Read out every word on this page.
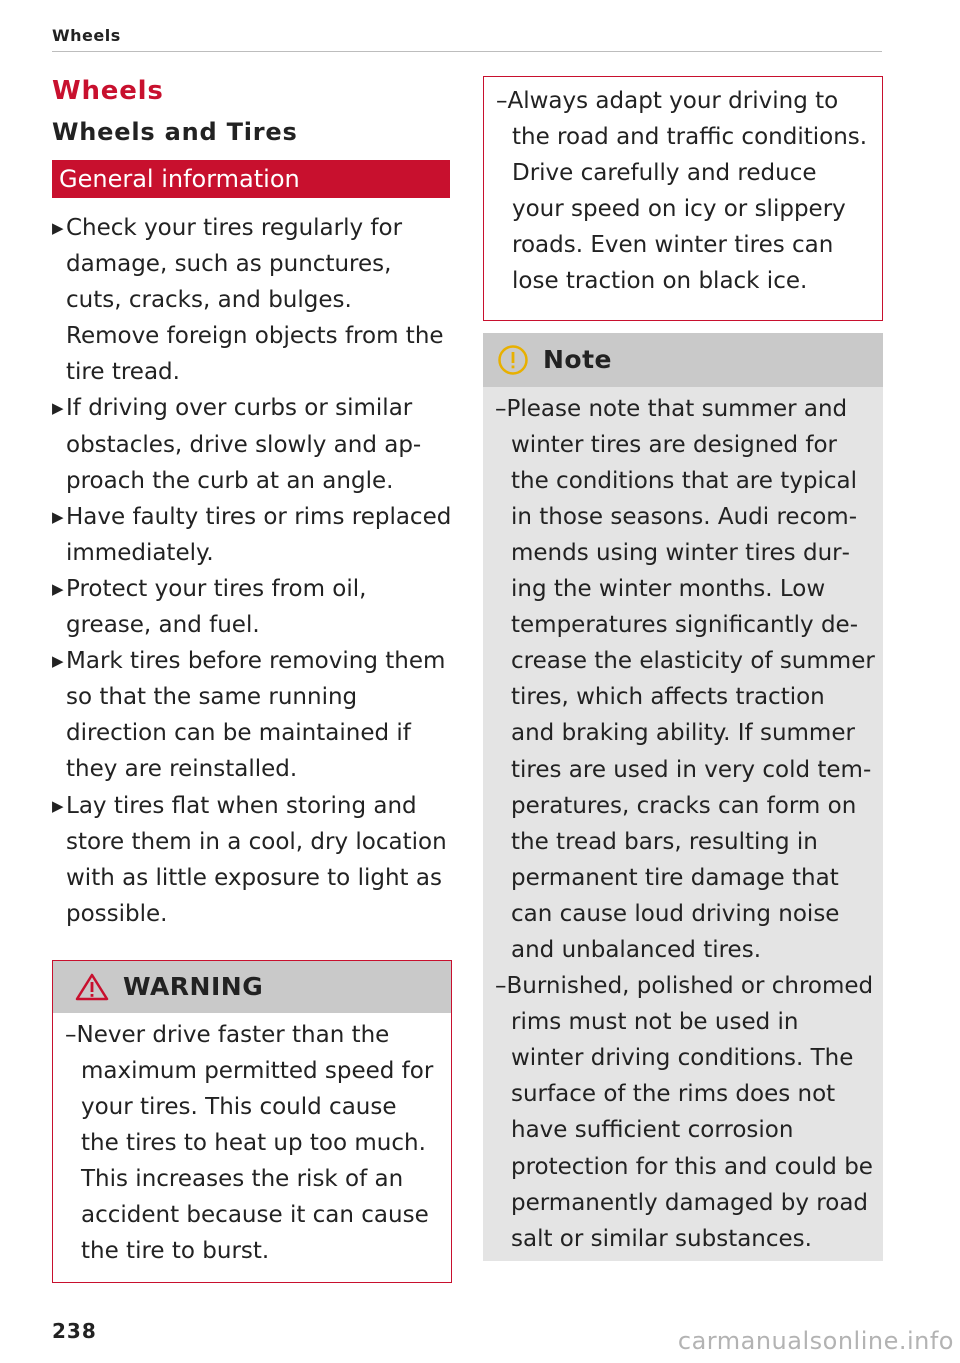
Wheels
Wheels
Wheels and Tires
General information
▶ Check your tires regularly for damage, such as punctures, cuts, cracks, and bulges. Remove foreign objects from the tire tread.
▶ If driving over curbs or similar obstacles, drive slowly and approach the curb at an angle.
▶ Have faulty tires or rims replaced immediately.
▶ Protect your tires from oil, grease, and fuel.
▶ Mark tires before removing them so that the same running direction can be maintained if they are reinstalled.
▶ Lay tires flat when storing and store them in a cool, dry location with as little exposure to light as possible.
WARNING
–Never drive faster than the maximum permitted speed for your tires. This could cause the tires to heat up too much. This increases the risk of an accident because it can cause the tire to burst.
–Always adapt your driving to the road and traffic conditions. Drive carefully and reduce your speed on icy or slippery roads. Even winter tires can lose traction on black ice.
Note
–Please note that summer and winter tires are designed for the conditions that are typical in those seasons. Audi recommends using winter tires during the winter months. Low temperatures significantly decrease the elasticity of summer tires, which affects traction and braking ability. If summer tires are used in very cold temperatures, cracks can form on the tread bars, resulting in permanent tire damage that can cause loud driving noise and unbalanced tires.
–Burnished, polished or chromed rims must not be used in winter driving conditions. The surface of the rims does not have sufficient corrosion protection for this and could be permanently damaged by road salt or similar substances.
238	carmanualsonline.info
